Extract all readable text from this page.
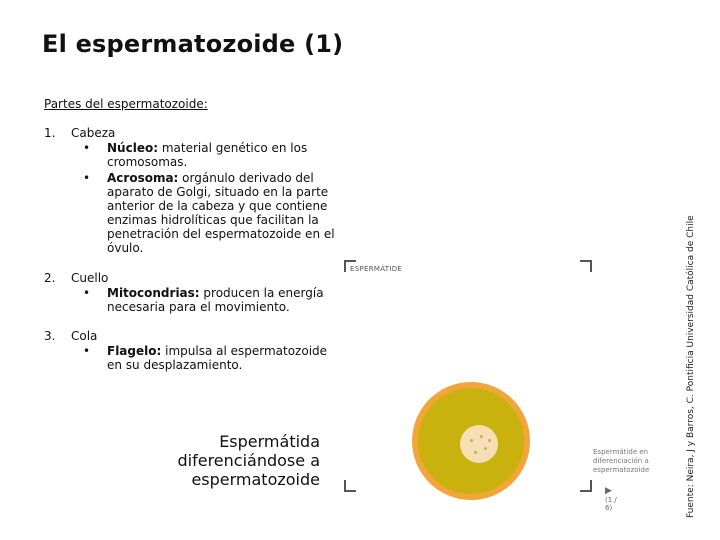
El espermatozoide (1)
Partes del espermatozoide:
1. Cabeza
• Núcleo: material genético en los cromosomas.
• Acrosoma: orgánulo derivado del aparato de Golgi, situado en la parte anterior de la cabeza y que contiene enzimas hidrolíticas que facilitan la penetración del espermatozoide en el óvulo.
2. Cuello
• Mitocondrias: producen la energía necesaria para el movimiento.
3. Cola
• Flagelo: impulsa al espermatozoide en su desplazamiento.
Espermátida
diferenciándose a
espermatozoide
ESPERMÁTIDE
Espermátide en diferenciación a espermatozoide
▶ (1 / 6)	Fuente: Neira, J y Barros, C. Pontificia Universidad Católica de Chile
